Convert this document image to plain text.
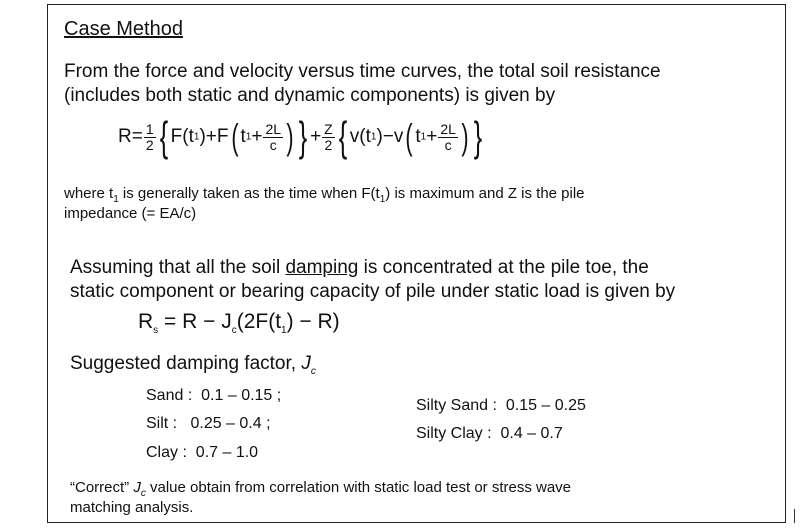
Case Method
From the force and velocity versus time curves, the total soil resistance
(includes both static and dynamic components) is given by
$R= \frac{1}{2}$ { F(t1)+F( $t1+ \frac{2L}{c}$ ) } + $\frac{Z}{2}$ { v(t1)−v( $t1+ \frac{2L}{c}$ ) }
where $t_1$ is generally taken as the time when $F(t_1)$ is maximum and Z is the pile
impedance (= EA/c)
Assuming that all the soil damping is concentrated at the pile toe, the
static component or bearing capacity of pile under static load is given by
$R_s = R - J_c(2F(t_1) - R)$
Suggested damping factor, $J_c$
Sand : 0.1 – 0.15 ;
Silt : 0.25 – 0.4 ;
Clay : 0.7 – 1.0
Silty Sand : 0.15 – 0.25
Silty Clay : 0.4 – 0.7
“Correct” $J_c$ value obtain from correlation with static load test or stress wave
matching analysis.
